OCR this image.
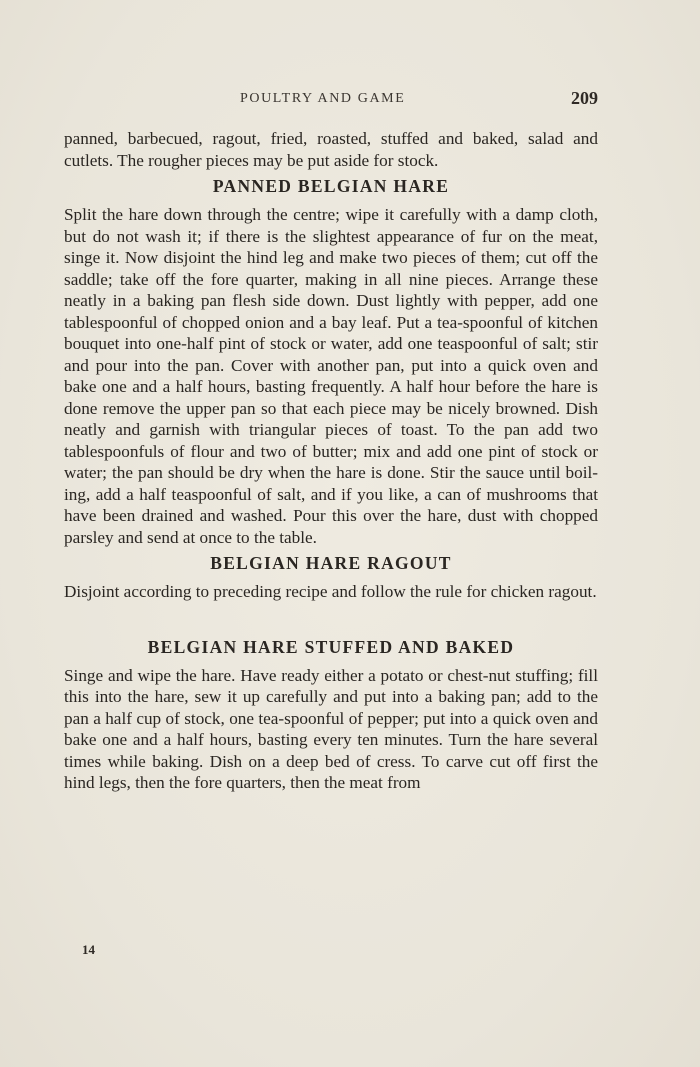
POULTRY AND GAME	209

panned, barbecued, ragout, fried, roasted, stuffed and baked, salad and cutlets. The rougher pieces may be put aside for stock.

PANNED BELGIAN HARE

Split the hare down through the centre; wipe it carefully with a damp cloth, but do not wash it; if there is the slightest appearance of fur on the meat, singe it. Now disjoint the hind leg and make two pieces of them; cut off the saddle; take off the fore quarter, making in all nine pieces. Arrange these neatly in a baking pan flesh side down. Dust lightly with pepper, add one tablespoonful of chopped onion and a bay leaf. Put a tea-spoonful of kitchen bouquet into one-half pint of stock or water, add one teaspoonful of salt; stir and pour into the pan. Cover with another pan, put into a quick oven and bake one and a half hours, basting frequently. A half hour before the hare is done remove the upper pan so that each piece may be nicely browned. Dish neatly and garnish with triangular pieces of toast. To the pan add two tablespoonfuls of flour and two of butter; mix and add one pint of stock or water; the pan should be dry when the hare is done. Stir the sauce until boil-ing, add a half teaspoonful of salt, and if you like, a can of mushrooms that have been drained and washed. Pour this over the hare, dust with chopped parsley and send at once to the table.

BELGIAN HARE RAGOUT

Disjoint according to preceding recipe and follow the rule for chicken ragout.

BELGIAN HARE STUFFED AND BAKED

Singe and wipe the hare. Have ready either a potato or chest-nut stuffing; fill this into the hare, sew it up carefully and put into a baking pan; add to the pan a half cup of stock, one tea-spoonful of pepper; put into a quick oven and bake one and a half hours, basting every ten minutes. Turn the hare several times while baking. Dish on a deep bed of cress. To carve cut off first the hind legs, then the fore quarters, then the meat from

14
